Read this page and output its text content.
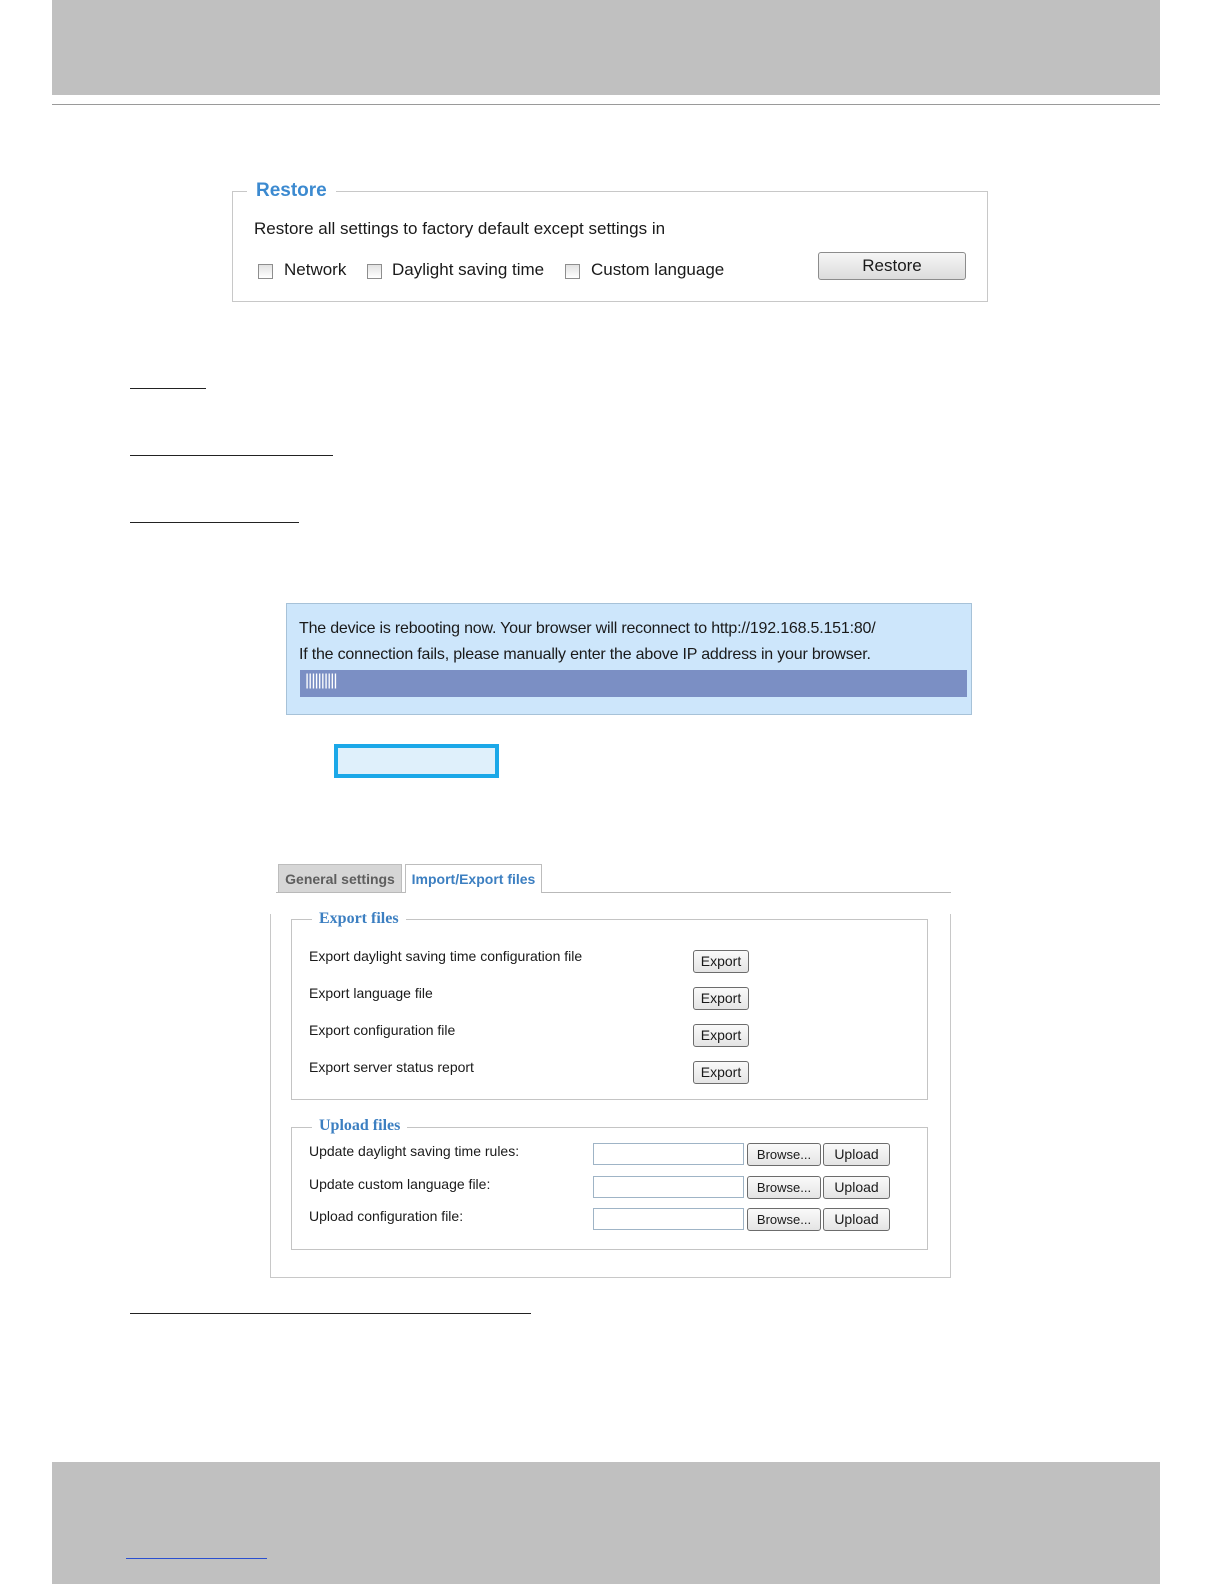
Restore
Restore all settings to factory default except settings in
Network	Daylight saving time	Custom language	Restore
The device is rebooting now. Your browser will reconnect to http://192.168.5.151:80/
If the connection fails, please manually enter the above IP address in your browser.
||||||||||
General settings	Import/Export files
Export files
Export daylight saving time configuration file	Export
Export language file	Export
Export configuration file	Export
Export server status report	Export
Upload files
Update daylight saving time rules:	Browse...	Upload
Update custom language file:	Browse...	Upload
Upload configuration file:	Browse...	Upload
